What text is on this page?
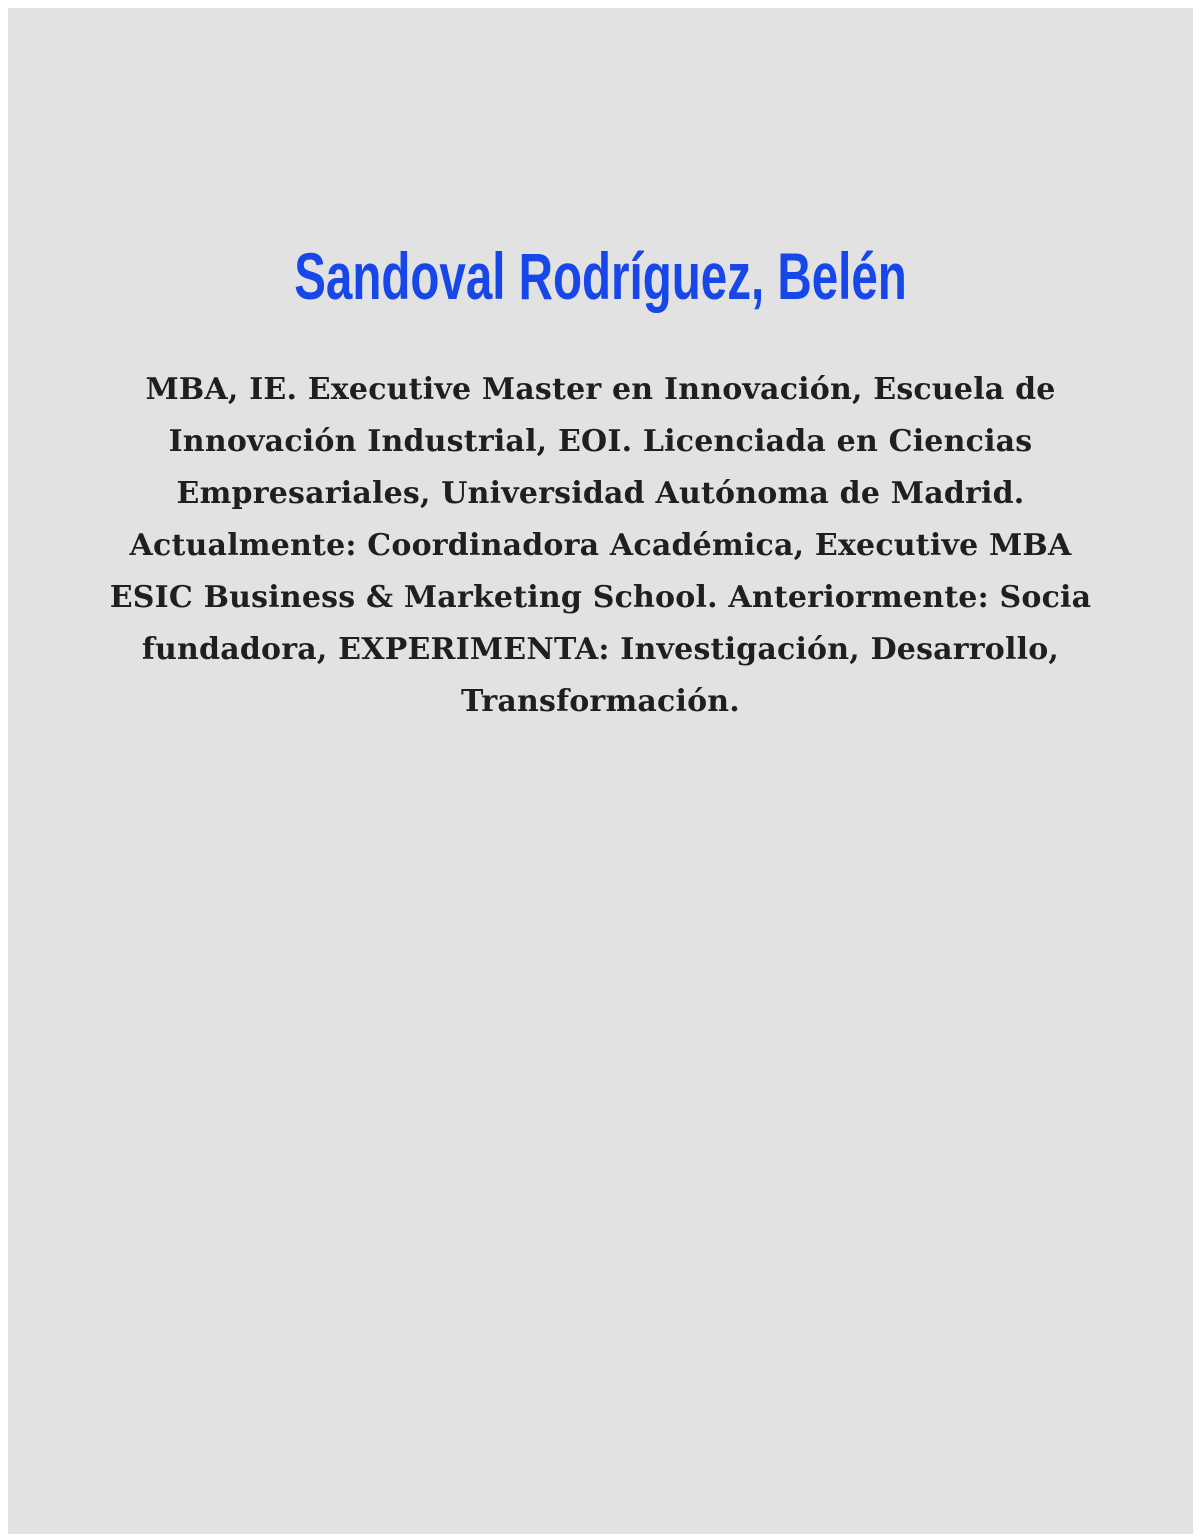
Sandoval Rodríguez, Belén
MBA, IE. Executive Master en Innovación, Escuela de
Innovación Industrial, EOI. Licenciada en Ciencias
Empresariales, Universidad Autónoma de Madrid.
Actualmente: Coordinadora Académica, Executive MBA
ESIC Business & Marketing School. Anteriormente: Socia
fundadora, EXPERIMENTA: Investigación, Desarrollo,
Transformación.
